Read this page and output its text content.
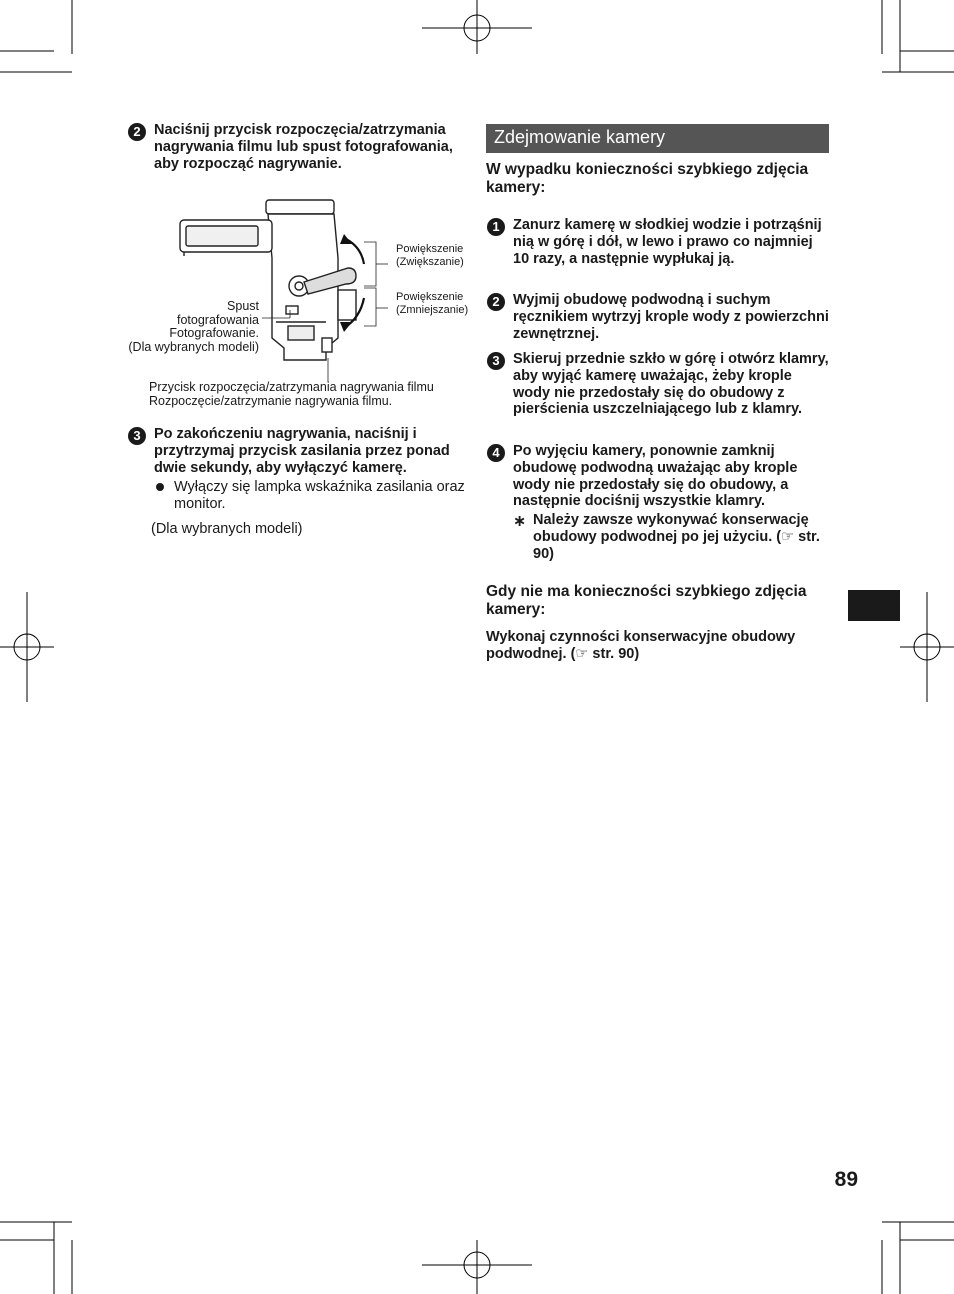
2 Naciśnij przycisk rozpoczęcia/zatrzymania nagrywania filmu lub spust fotografowania, aby rozpocząć nagrywanie.
Powiększenie (Zwiększanie)
Powiększenie (Zmniejszanie)
Spust
fotografowania
Fotografowanie.
(Dla wybranych modeli)
Przycisk rozpoczęcia/zatrzymania nagrywania filmu
Rozpoczęcie/zatrzymanie nagrywania filmu.
3 Po zakończeniu nagrywania, naciśnij i przytrzymaj przycisk zasilania przez ponad dwie sekundy, aby wyłączyć kamerę.
Wyłączy się lampka wskaźnika zasilania oraz monitor.
(Dla wybranych modeli)
Zdejmowanie kamery
W wypadku konieczności szybkiego zdjęcia kamery:
1 Zanurz kamerę w słodkiej wodzie i potrząśnij nią w górę i dół, w lewo i prawo co najmniej 10 razy, a następnie wypłukaj ją.
2 Wyjmij obudowę podwodną i suchym ręcznikiem wytrzyj krople wody z powierzchni zewnętrznej.
3 Skieruj przednie szkło w górę i otwórz klamry, aby wyjąć kamerę uważając, żeby krople wody nie przedostały się do obudowy z pierścienia uszczelniającego lub z klamry.
4 Po wyjęciu kamery, ponownie zamknij obudowę podwodną uważając aby krople wody nie przedostały się do obudowy, a następnie dociśnij wszystkie klamry.
∗ Należy zawsze wykonywać konserwację obudowy podwodnej po jej użyciu. (☞ str. 90)
Gdy nie ma konieczności szybkiego zdjęcia kamery:
Wykonaj czynności konserwacyjne obudowy podwodnej. (☞ str. 90)
89
